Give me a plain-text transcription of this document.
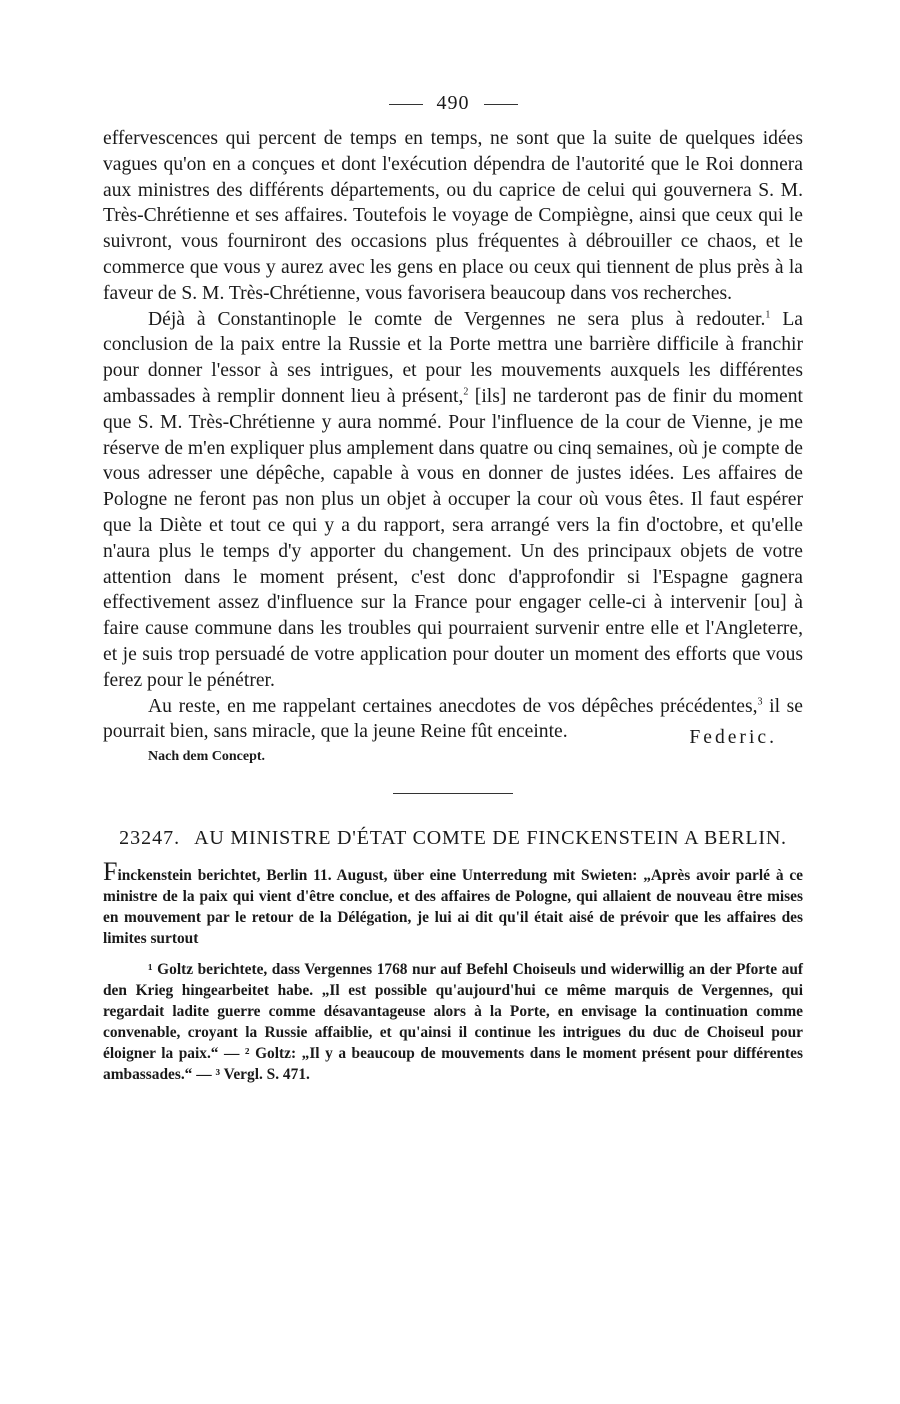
490

effervescences qui percent de temps en temps, ne sont que la suite de quelques idées vagues qu'on en a conçues et dont l'exécution dépendra de l'autorité que le Roi donnera aux ministres des différents départements, ou du caprice de celui qui gouvernera S. M. Très-Chrétienne et ses affaires. Toutefois le voyage de Compiègne, ainsi que ceux qui le suivront, vous fourniront des occasions plus fréquentes à débrouiller ce chaos, et le commerce que vous y aurez avec les gens en place ou ceux qui tiennent de plus près à la faveur de S. M. Très-Chrétienne, vous favorisera beaucoup dans vos recherches.

Déjà à Constantinople le comte de Vergennes ne sera plus à redouter.$^1$ La conclusion de la paix entre la Russie et la Porte mettra une barrière difficile à franchir pour donner l'essor à ses intrigues, et pour les mouvements auxquels les différentes ambassades à remplir donnent lieu à présent,$^2$ [ils] ne tarderont pas de finir du moment que S. M. Très-Chrétienne y aura nommé. Pour l'influence de la cour de Vienne, je me réserve de m'en expliquer plus amplement dans quatre ou cinq semaines, où je compte de vous adresser une dépêche, capable à vous en donner de justes idées. Les affaires de Pologne ne feront pas non plus un objet à occuper la cour où vous êtes. Il faut espérer que la Diète et tout ce qui y a du rapport, sera arrangé vers la fin d'octobre, et qu'elle n'aura plus le temps d'y apporter du changement. Un des principaux objets de votre attention dans le moment présent, c'est donc d'approfondir si l'Espagne gagnera effectivement assez d'influence sur la France pour engager celle-ci à intervenir [ou] à faire cause commune dans les troubles qui pourraient survenir entre elle et l'Angleterre, et je suis trop persuadé de votre application pour douter un moment des efforts que vous ferez pour le pénétrer.

Au reste, en me rappelant certaines anecdotes de vos dépêches précédentes,$^3$ il se pourrait bien, sans miracle, que la jeune Reine fût enceinte.

Nach dem Concept.
Federic.
23247. AU MINISTRE D'ÉTAT COMTE DE FINCKENSTEIN A BERLIN.
Finckenstein berichtet, Berlin 11. August, über eine Unterredung mit Swieten: „Après avoir parlé à ce ministre de la paix qui vient d'être conclue, et des affaires de Pologne, qui allaient de nouveau être mises en mouvement par le retour de la Délégation, je lui ai dit qu'il était aisé de prévoir que les affaires des limites surtout
¹ Goltz berichtete, dass Vergennes 1768 nur auf Befehl Choiseuls und widerwillig an der Pforte auf den Krieg hingearbeitet habe. „Il est possible qu'aujourd'hui ce même marquis de Vergennes, qui regardait ladite guerre comme désavantageuse alors à la Porte, en envisage la continuation comme convenable, croyant la Russie affaiblie, et qu'ainsi il continue les intrigues du duc de Choiseul pour éloigner la paix.“ — ² Goltz: „Il y a beaucoup de mouvements dans le moment présent pour différentes ambassades.“ — ³ Vergl. S. 471.
